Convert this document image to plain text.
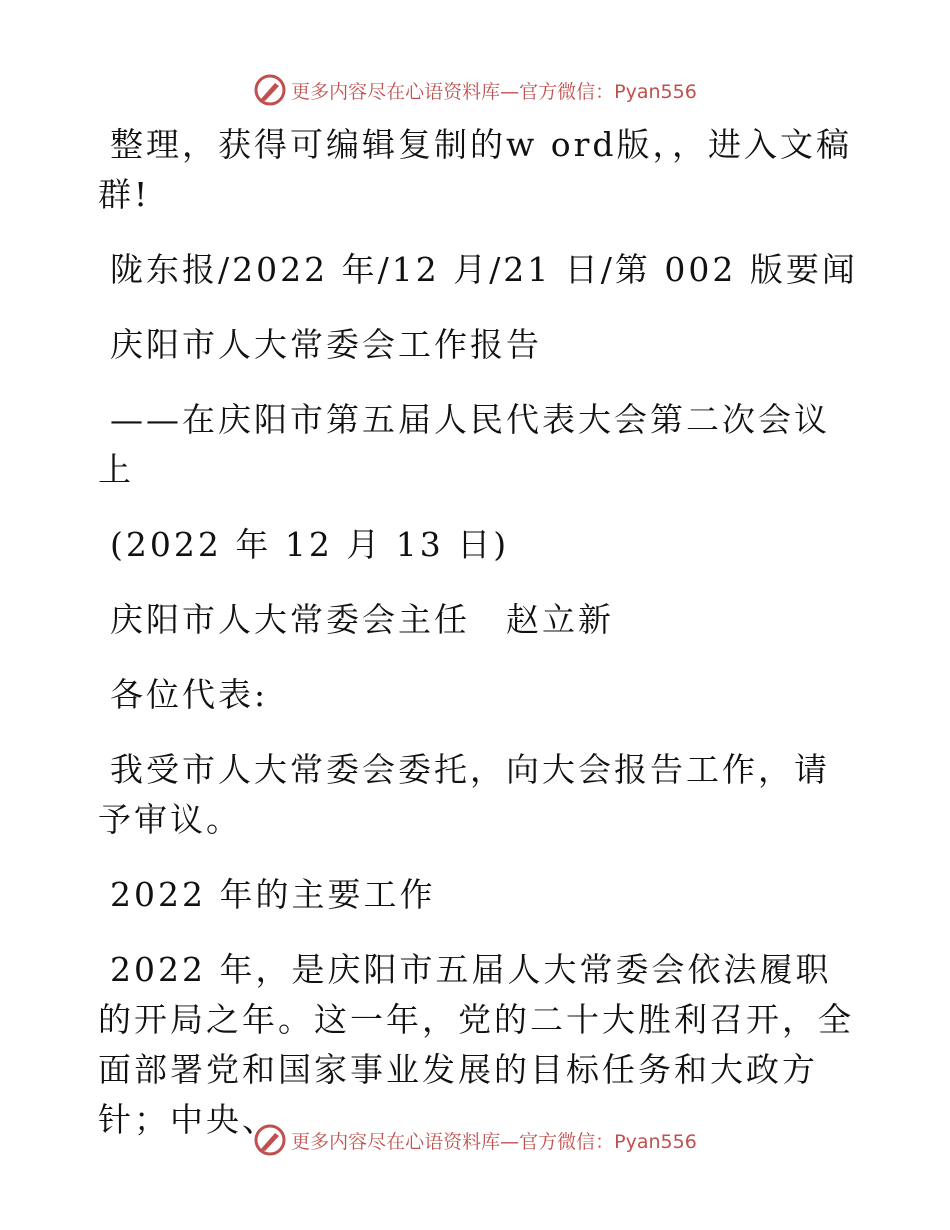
更多内容尽在心语资料库—官方微信：Pyan556

整理，获得可编辑复制的w ord版，，进入文稿群!

陇东报/2022 年/12 月/21 日/第 002 版要闻

庆阳市人大常委会工作报告

——在庆阳市第五届人民代表大会第二次会议上

(2022 年 12 月 13 日)

庆阳市人大常委会主任　赵立新

各位代表:

我受市人大常委会委托，向大会报告工作，请予审议。

2022 年的主要工作

2022 年，是庆阳市五届人大常委会依法履职的开局之年。这一年，党的二十大胜利召开，全面部署党和国家事业发展的目标任务和大政方针；中央、

更多内容尽在心语资料库—官方微信：Pyan556
